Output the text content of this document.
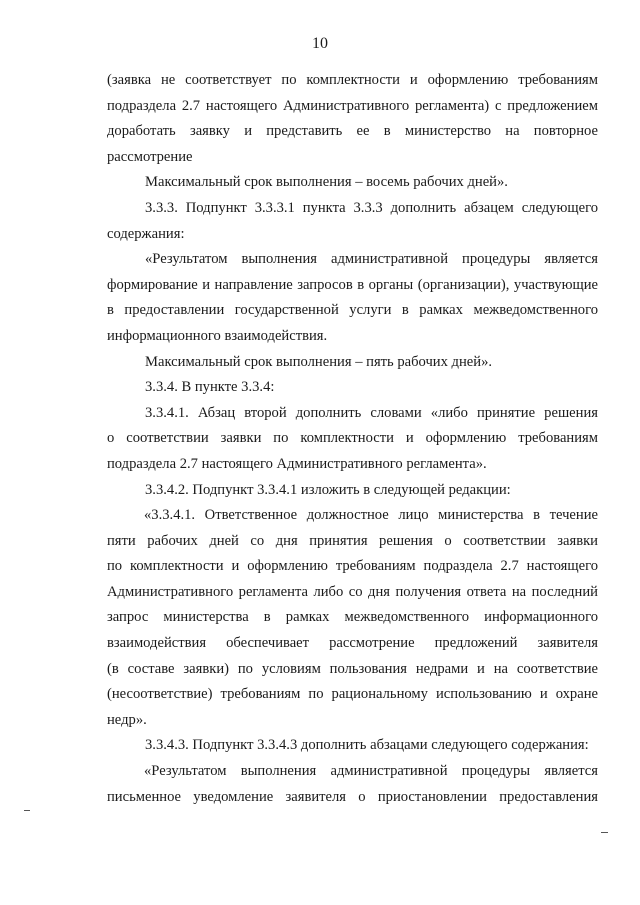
10
(заявка не соответствует по комплектности и оформлению требованиям
подраздела 2.7 настоящего Административного регламента) с предложением
доработать заявку и представить ее в министерство на повторное
рассмотрение
Максимальный срок выполнения – восемь рабочих дней».
3.3.3. Подпункт 3.3.3.1 пункта 3.3.3 дополнить абзацем следующего
содержания:
«Результатом выполнения административной процедуры является
формирование и направление запросов в органы (организации), участвующие
в предоставлении государственной услуги в рамках межведомственного
информационного взаимодействия.
Максимальный срок выполнения – пять рабочих дней».
3.3.4. В пункте 3.3.4:
3.3.4.1. Абзац второй дополнить словами «либо принятие решения
о соответствии заявки по комплектности и оформлению требованиям
подраздела 2.7 настоящего Административного регламента».
3.3.4.2. Подпункт 3.3.4.1 изложить в следующей редакции:
«3.3.4.1. Ответственное должностное лицо министерства в течение
пяти рабочих дней со дня принятия решения о соответствии заявки
по комплектности и оформлению требованиям подраздела 2.7 настоящего
Административного регламента либо со дня получения ответа на последний
запрос министерства в рамках межведомственного информационного
взаимодействия обеспечивает рассмотрение предложений заявителя
(в составе заявки) по условиям пользования недрами и на соответствие
(несоответствие) требованиям по рациональному использованию и охране
недр».
3.3.4.3. Подпункт 3.3.4.3 дополнить абзацами следующего содержания:
«Результатом выполнения административной процедуры является
письменное уведомление заявителя о приостановлении предоставления
